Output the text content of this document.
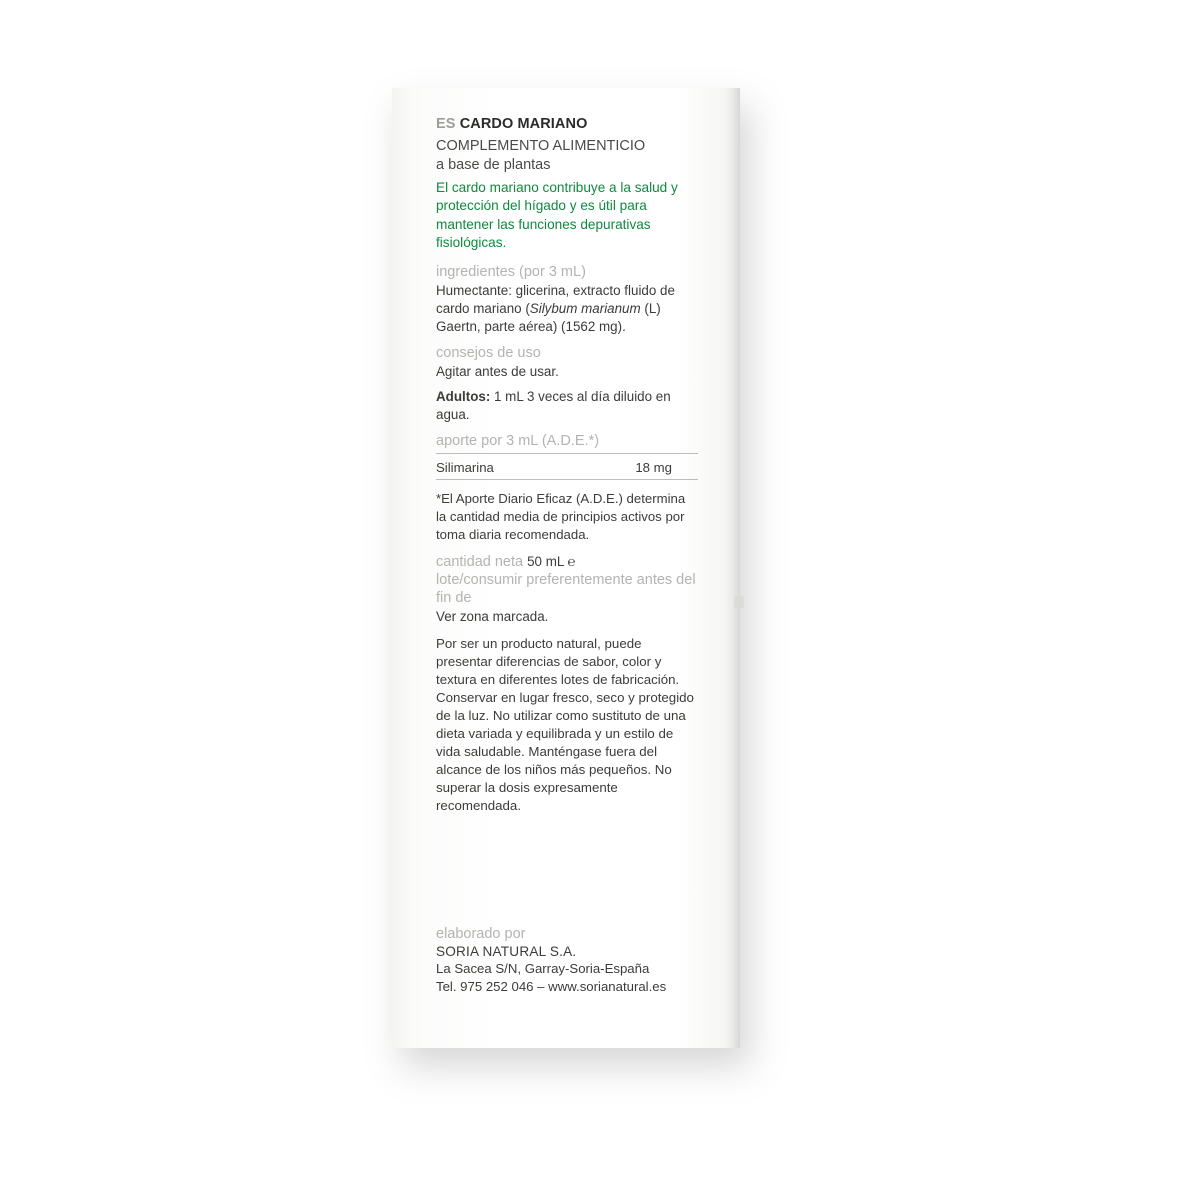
ES CARDO MARIANO

COMPLEMENTO ALIMENTICIO
a base de plantas

El cardo mariano contribuye a la salud y protección del hígado y es útil para mantener las funciones depurativas fisiológicas.

ingredientes (por 3 mL)

Humectante: glicerina, extracto fluido de cardo mariano (Silybum marianum (L) Gaertn, parte aérea) (1562 mg).

consejos de uso

Agitar antes de usar.

Adultos: 1 mL 3 veces al día diluido en agua.

aporte por 3 mL (A.D.E.*)

Silimarina	18 mg

*El Aporte Diario Eficaz (A.D.E.) determina la cantidad media de principios activos por toma diaria recomendada.

cantidad neta 50 mL ℮

lote/consumir preferentemente antes del fin de

Ver zona marcada.

Por ser un producto natural, puede presentar diferencias de sabor, color y textura en diferentes lotes de fabricación. Conservar en lugar fresco, seco y protegido de la luz. No utilizar como sustituto de una dieta variada y equilibrada y un estilo de vida saludable. Manténgase fuera del alcance de los niños más pequeños. No superar la dosis expresamente recomendada.

elaborado por

SORIA NATURAL S.A.

La Sacea S/N, Garray-Soria-España

Tel. 975 252 046 – www.sorianatural.es
